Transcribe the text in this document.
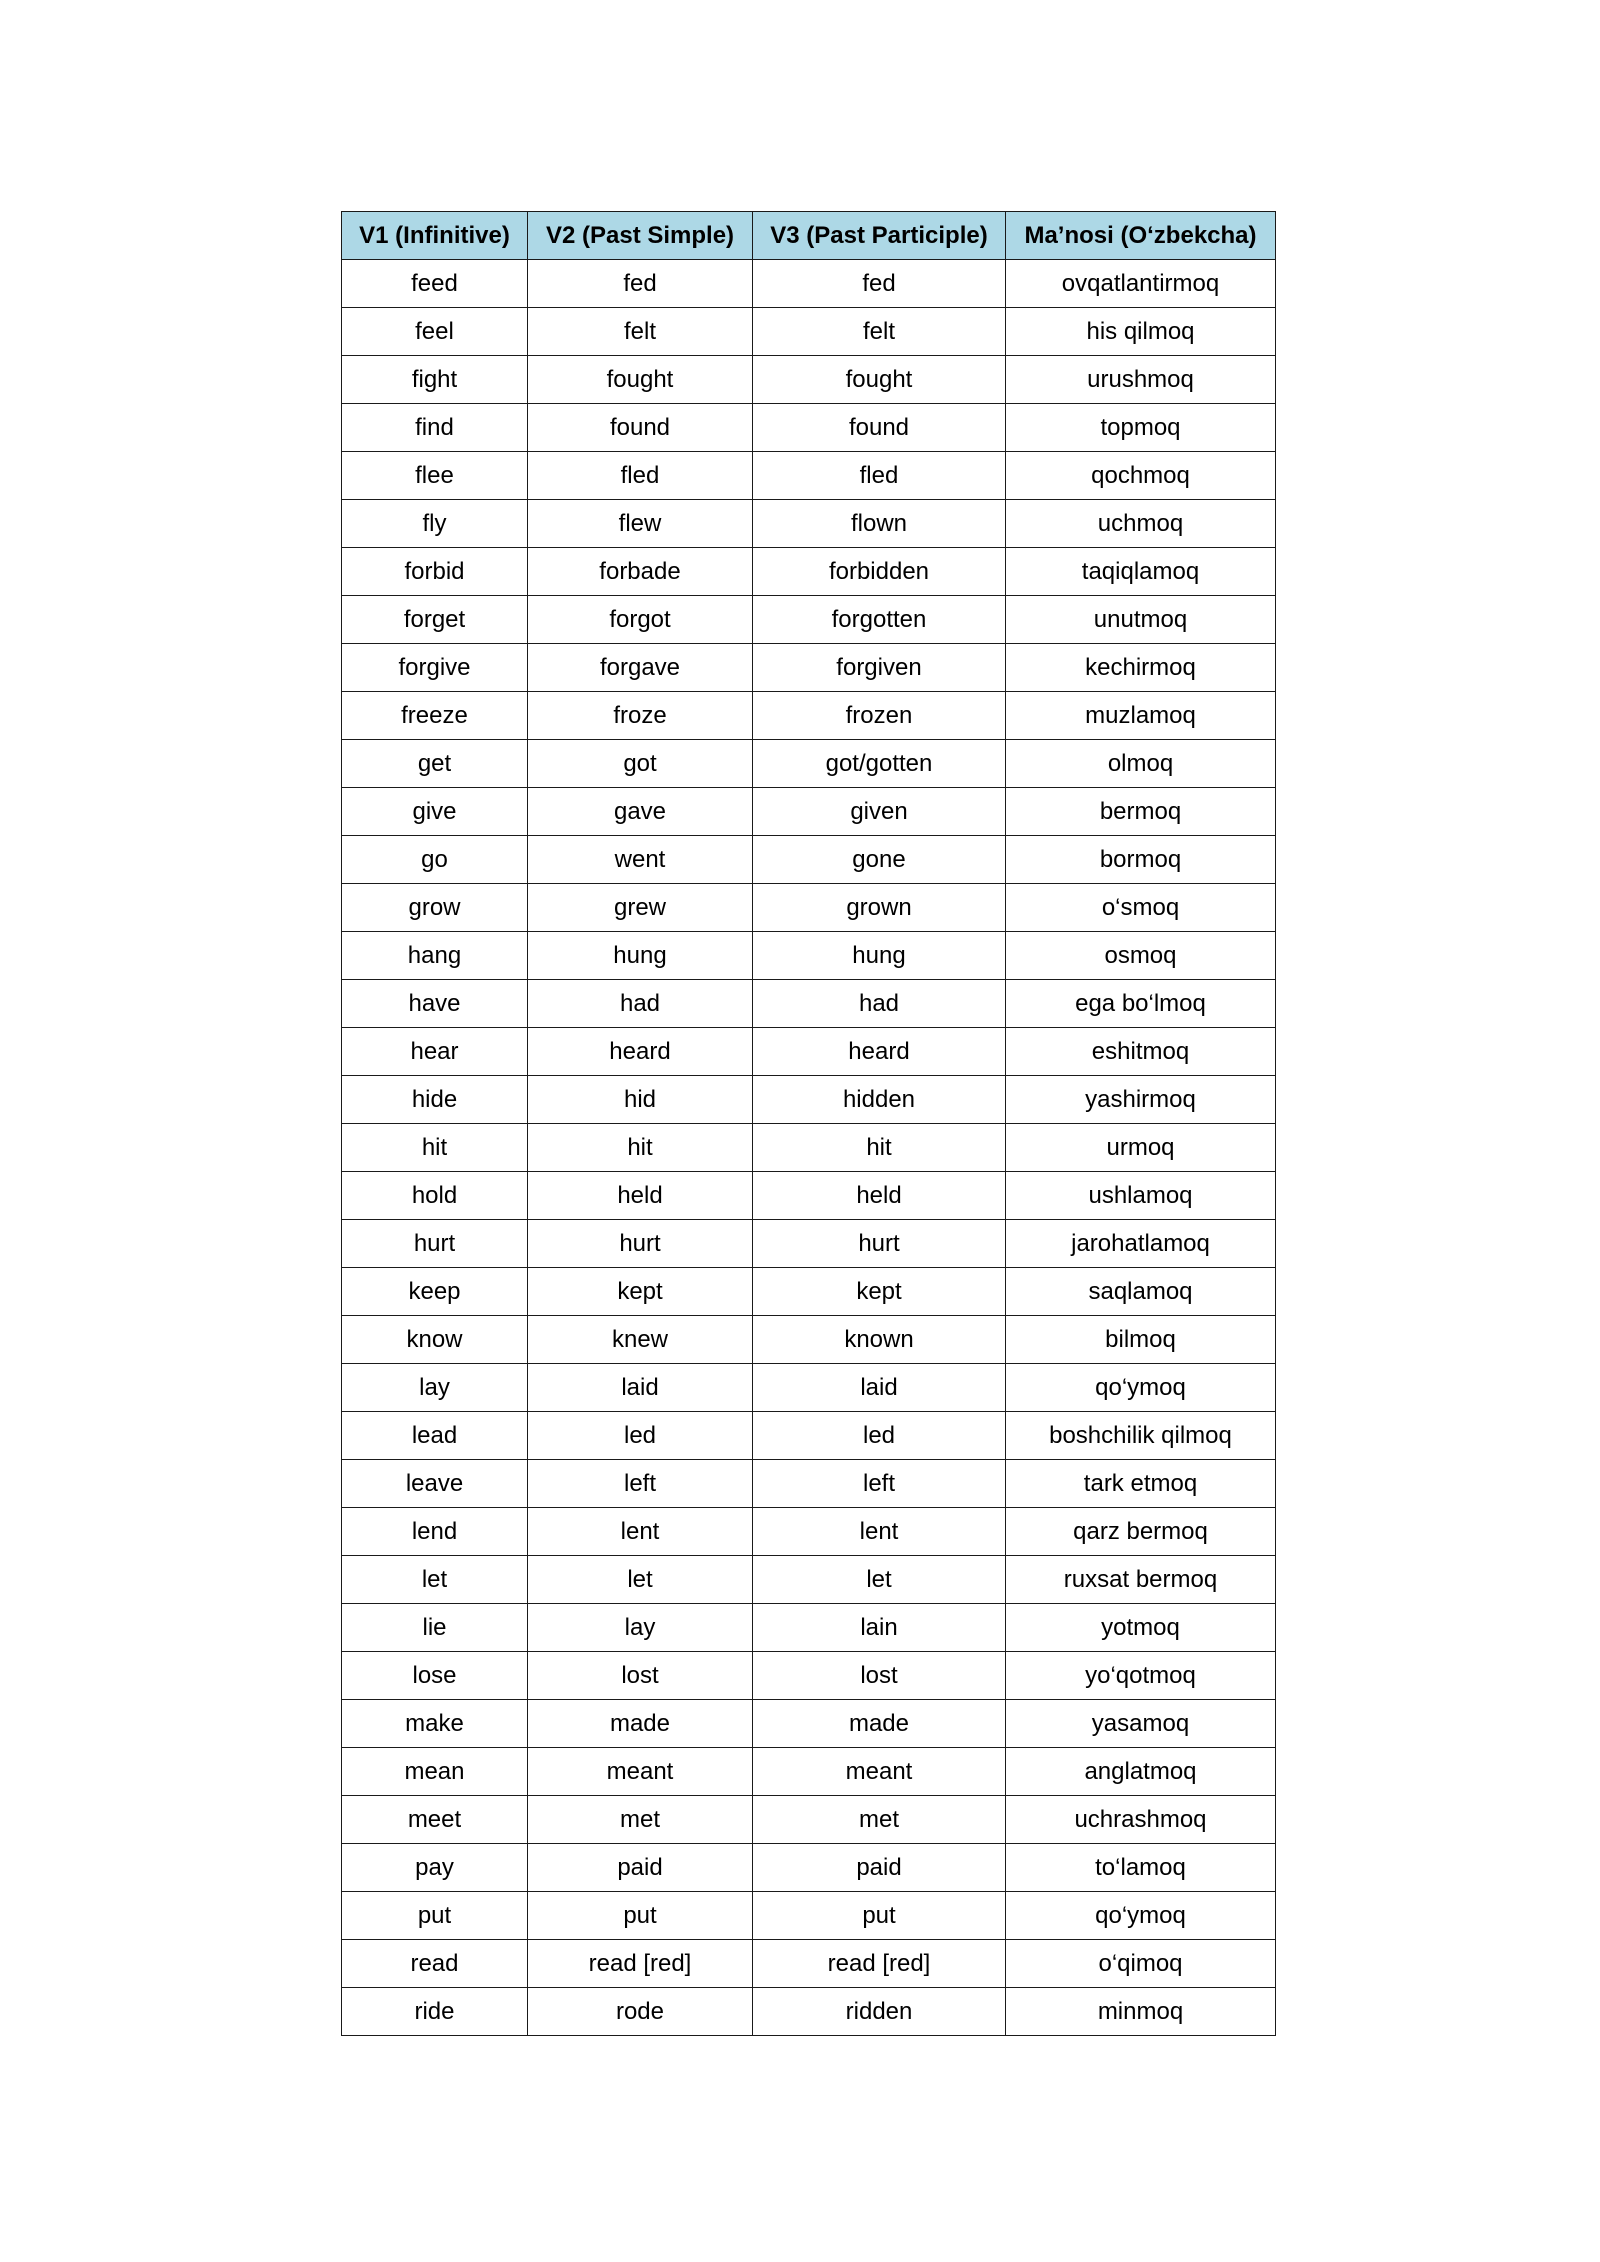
V1 (Infinitive)	V2 (Past Simple)	V3 (Past Participle)	Ma’nosi (O‘zbekcha)
feed	fed	fed	ovqatlantirmoq
feel	felt	felt	his qilmoq
fight	fought	fought	urushmoq
find	found	found	topmoq
flee	fled	fled	qochmoq
fly	flew	flown	uchmoq
forbid	forbade	forbidden	taqiqlamoq
forget	forgot	forgotten	unutmoq
forgive	forgave	forgiven	kechirmoq
freeze	froze	frozen	muzlamoq
get	got	got/gotten	olmoq
give	gave	given	bermoq
go	went	gone	bormoq
grow	grew	grown	o‘smoq
hang	hung	hung	osmoq
have	had	had	ega bo‘lmoq
hear	heard	heard	eshitmoq
hide	hid	hidden	yashirmoq
hit	hit	hit	urmoq
hold	held	held	ushlamoq
hurt	hurt	hurt	jarohatlamoq
keep	kept	kept	saqlamoq
know	knew	known	bilmoq
lay	laid	laid	qo‘ymoq
lead	led	led	boshchilik qilmoq
leave	left	left	tark etmoq
lend	lent	lent	qarz bermoq
let	let	let	ruxsat bermoq
lie	lay	lain	yotmoq
lose	lost	lost	yo‘qotmoq
make	made	made	yasamoq
mean	meant	meant	anglatmoq
meet	met	met	uchrashmoq
pay	paid	paid	to‘lamoq
put	put	put	qo‘ymoq
read	read [red]	read [red]	o‘qimoq
ride	rode	ridden	minmoq
